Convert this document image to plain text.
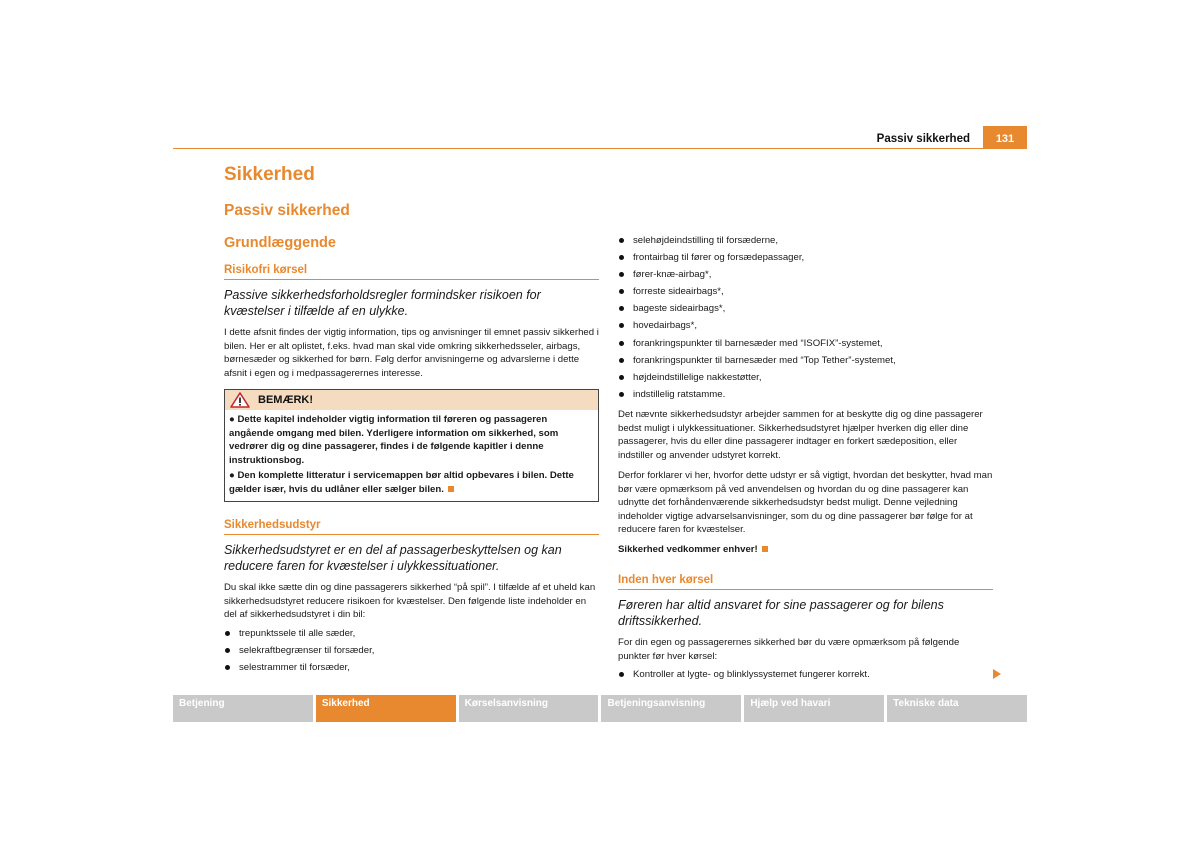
Passiv sikkerhed	131
Sikkerhed
Passiv sikkerhed
Grundlæggende
Risikofri kørsel
Passive sikkerhedsforholdsregler formindsker risikoen for kvæstelser i tilfælde af en ulykke.
I dette afsnit findes der vigtig information, tips og anvisninger til emnet passiv sikkerhed i bilen. Her er alt oplistet, f.eks. hvad man skal vide omkring sikkerhedsseler, airbags, børnesæder og sikkerhed for børn. Følg derfor anvisningerne og advarslerne i dette afsnit i egen og i medpassagerernes interesse.
BEMÆRK!
● Dette kapitel indeholder vigtig information til føreren og passageren angående omgang med bilen. Yderligere information om sikkerhed, som vedrører dig og dine passagerer, findes i de følgende kapitler i denne instruktionsbog.
● Den komplette litteratur i servicemappen bør altid opbevares i bilen. Dette gælder især, hvis du udlåner eller sælger bilen.
Sikkerhedsudstyr
Sikkerhedsudstyret er en del af passagerbeskyttelsen og kan reducere faren for kvæstelser i ulykkessituationer.
Du skal ikke sætte din og dine passagerers sikkerhed “på spil”. I tilfælde af et uheld kan sikkerhedsudstyret reducere risikoen for kvæstelser. Den følgende liste indeholder en del af sikkerhedsudstyret i din bil:
trepunktssele til alle sæder,
selekraftbegrænser til forsæder,
selestrammer til forsæder,
selehøjdeindstilling til forsæderne,
frontairbag til fører og forsædepassager,
fører-knæ-airbag*,
forreste sideairbags*,
bageste sideairbags*,
hovedairbags*,
forankringspunkter til barnesæder med “ISOFIX”-systemet,
forankringspunkter til barnesæder med “Top Tether”-systemet,
højdeindstillelige nakkestøtter,
indstillelig ratstamme.
Det nævnte sikkerhedsudstyr arbejder sammen for at beskytte dig og dine passagerer bedst muligt i ulykkessituationer. Sikkerhedsudstyret hjælper hverken dig eller dine passagerer, hvis du eller dine passagerer indtager en forkert sædeposition, eller indstiller og anvender udstyret korrekt.
Derfor forklarer vi her, hvorfor dette udstyr er så vigtigt, hvordan det beskytter, hvad man bør være opmærksom på ved anvendelsen og hvordan du og dine passagerer kan udnytte det forhåndenværende sikkerhedsudstyr bedst muligt. Denne vejledning indeholder vigtige advarselsanvisninger, som du og dine passagerer bør følge for at reducere faren for kvæstelser.
Sikkerhed vedkommer enhver!
Inden hver kørsel
Føreren har altid ansvaret for sine passagerer og for bilens driftssikkerhed.
For din egen og passagerernes sikkerhed bør du være opmærksom på følgende punkter før hver kørsel:
Kontroller at lygte- og blinklyssystemet fungerer korrekt.
Betjening	Sikkerhed	Kørselsanvisning	Betjeningsanvisning	Hjælp ved havari	Tekniske data
